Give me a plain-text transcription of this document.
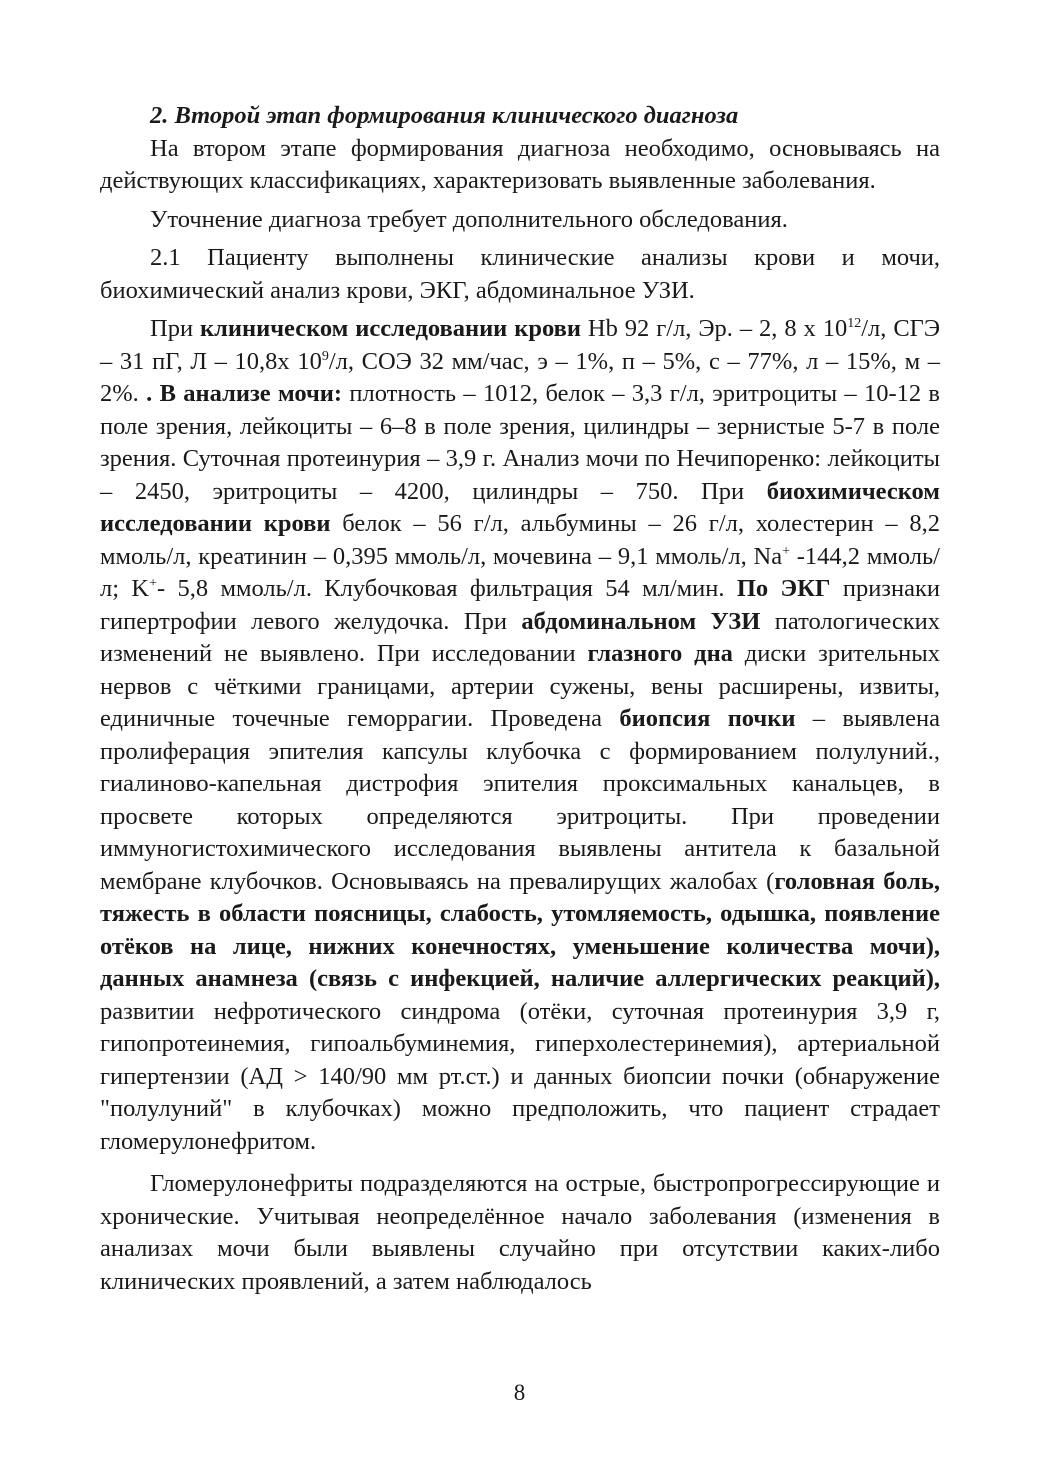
2. Второй этап формирования клинического диагноза

На втором этапе формирования диагноза необходимо, основываясь на действующих классификациях, характеризовать выявленные заболевания.

Уточнение диагноза требует дополнительного обследования.

2.1 Пациенту выполнены клинические анализы крови и мочи, биохимический анализ крови, ЭКГ, абдоминальное УЗИ.

При клиническом исследовании крови Hb 92 г/л, Эр. – 2, 8 х $10^{12}/л$, СГЭ – 31 пГ, Л – 10,8х $10^9/л$, СОЭ 32 мм/час, э – 1%, п – 5%, с – 77%, л – 15%, м – 2%. . В анализе мочи: плотность – 1012, белок – 3,3 г/л, эритроциты – 10-12 в поле зрения, лейкоциты – 6–8 в поле зрения, цилиндры – зернистые 5-7 в поле зрения. Суточная протеинурия – 3,9 г. Анализ мочи по Нечипоренко: лейкоциты – 2450, эритроциты – 4200, цилиндры – 750. При биохимическом исследовании крови белок – 56 г/л, альбумины – 26 г/л, холестерин – 8,2 ммоль/л, креатинин – 0,395 ммоль/л, мочевина – 9,1 ммоль/л, Na+ -144,2 ммоль/л; K+- 5,8 ммоль/л. Клубочковая фильтрация 54 мл/мин. По ЭКГ признаки гипертрофии левого желудочка. При абдоминальном УЗИ патологических изменений не выявлено. При исследовании глазного дна диски зрительных нервов с чёткими границами, артерии сужены, вены расширены, извиты, единичные точечные геморрагии. Проведена биопсия почки – выявлена пролиферация эпителия капсулы клубочка с формированием полулуний., гиалиново-капельная дистрофия эпителия проксимальных канальцев, в просвете которых определяются эритроциты. При проведении иммуногистохимического исследования выявлены антитела к базальной мембране клубочков. Основываясь на превалирущих жалобах (головная боль, тяжесть в области поясницы, слабость, утомляемость, одышка, появление отёков на лице, нижних конечностях, уменьшение количества мочи), данных анамнеза (связь с инфекцией, наличие аллергических реакций), развитии нефротического синдрома (отёки, суточная протеинурия 3,9 г, гипопротеинемия, гипоальбуминемия, гиперхолестеринемия), артериальной гипертензии (АД > 140/90 мм рт.ст.) и данных биопсии почки (обнаружение "полулуний" в клубочках) можно предположить, что пациент страдает гломерулонефритом.

Гломерулонефриты подразделяются на острые, быстропрогрессирующие и хронические. Учитывая неопределённое начало заболевания (изменения в анализах мочи были выявлены случайно при отсутствии каких-либо клинических проявлений, а затем наблюдалось

8
